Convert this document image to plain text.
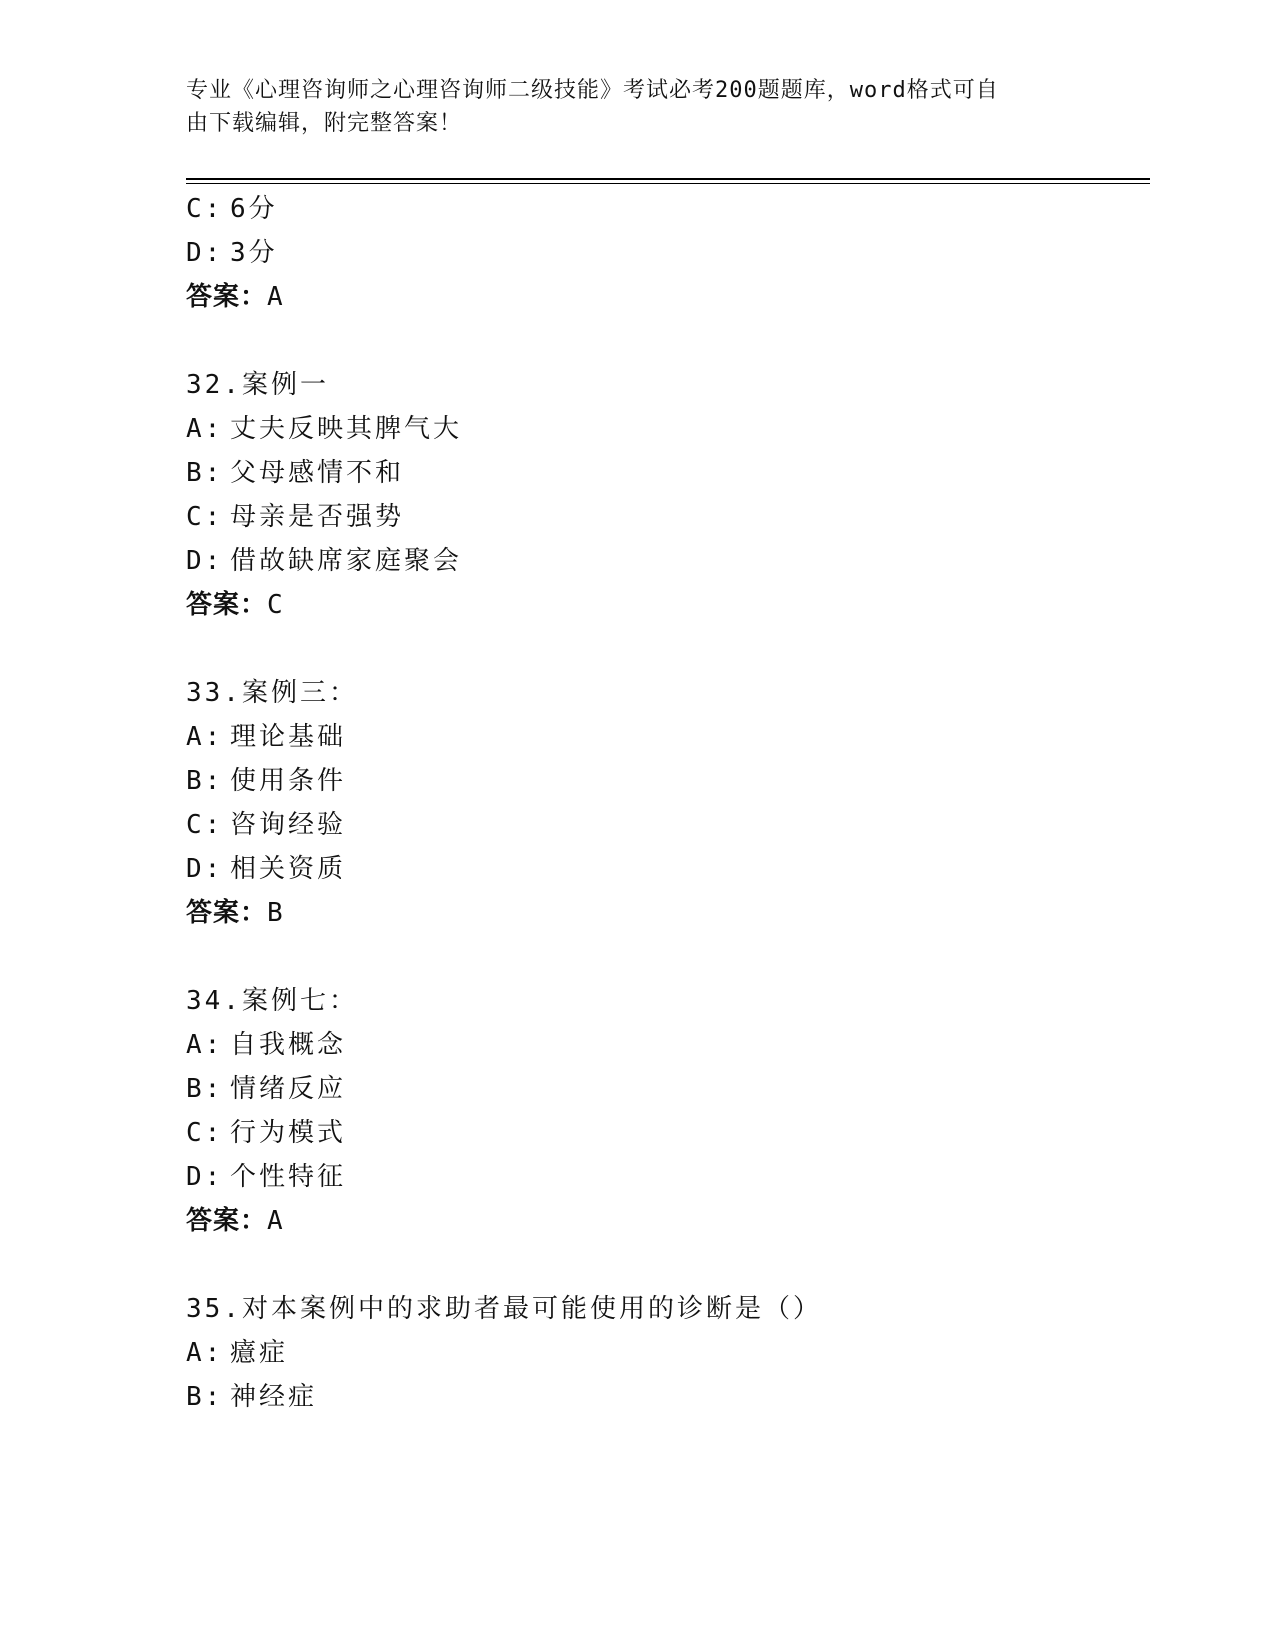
专业《心理咨询师之心理咨询师二级技能》考试必考200题题库，word格式可自
由下载编辑，附完整答案！
C: 6分
D: 3分
答案：A
32.案例一
A: 丈夫反映其脾气大
B: 父母感情不和
C: 母亲是否强势
D: 借故缺席家庭聚会
答案：C
33.案例三：
A: 理论基础
B: 使用条件
C: 咨询经验
D: 相关资质
答案：B
34.案例七：
A: 自我概念
B: 情绪反应
C: 行为模式
D: 个性特征
答案：A
35.对本案例中的求助者最可能使用的诊断是（）
A: 癔症
B: 神经症
